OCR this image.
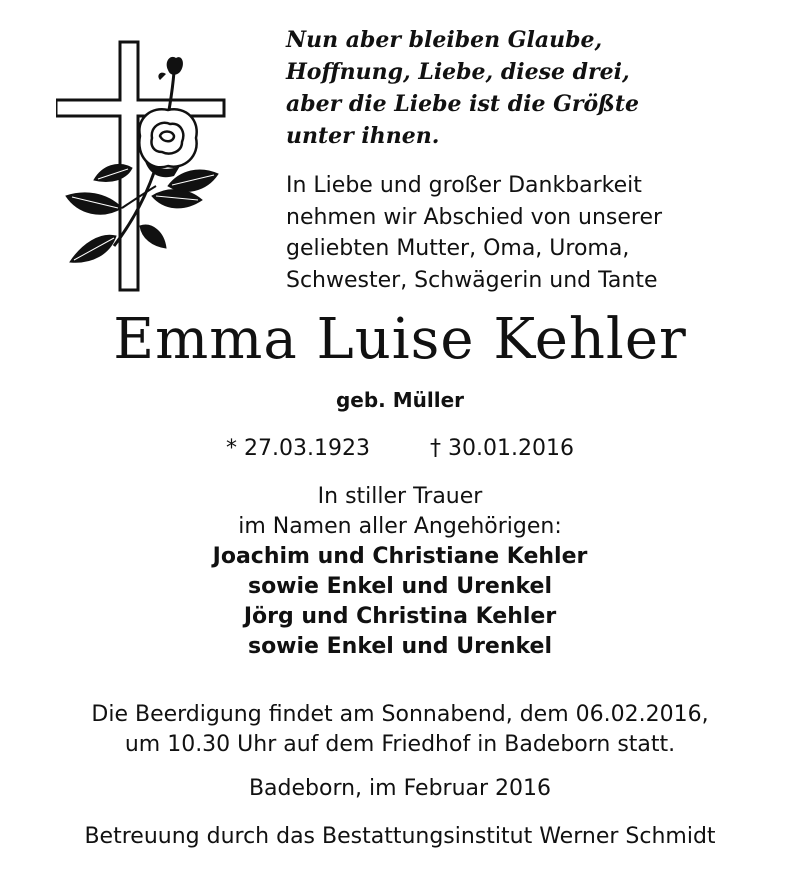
Nun aber bleiben Glaube,
Hoffnung, Liebe, diese drei,
aber die Liebe ist die Größte
unter ihnen.
In Liebe und großer Dankbarkeit
nehmen wir Abschied von unserer
geliebten Mutter, Oma, Uroma,
Schwester, Schwägerin und Tante
Emma Luise Kehler
geb. Müller
* 27.03.1923	† 30.01.2016
In stiller Trauer
im Namen aller Angehörigen:
Joachim und Christiane Kehler
sowie Enkel und Urenkel
Jörg und Christina Kehler
sowie Enkel und Urenkel
Die Beerdigung findet am Sonnabend, dem 06.02.2016,
um 10.30 Uhr auf dem Friedhof in Badeborn statt.
Badeborn, im Februar 2016
Betreuung durch das Bestattungsinstitut Werner Schmidt
